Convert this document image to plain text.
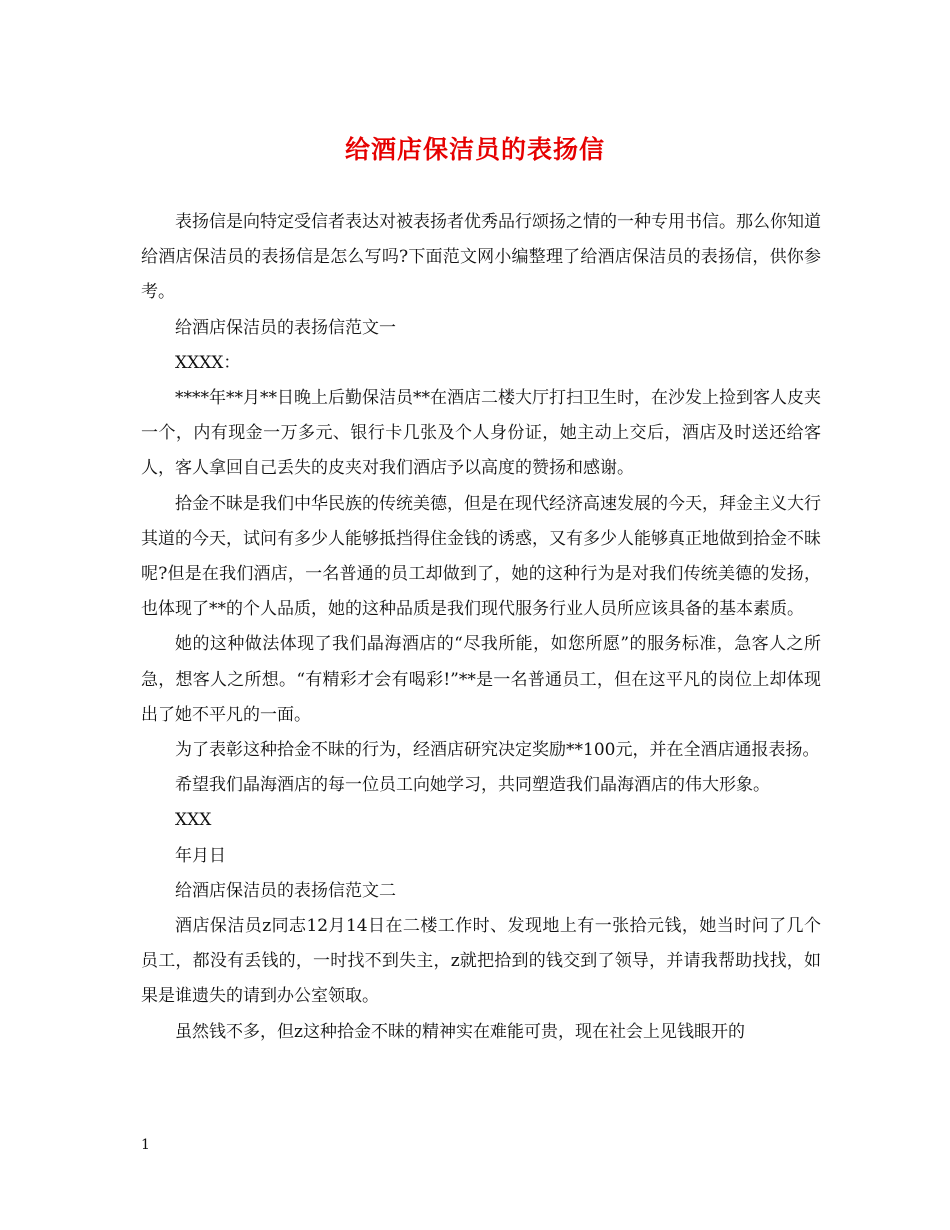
给酒店保洁员的表扬信

表扬信是向特定受信者表达对被表扬者优秀品行颂扬之情的一种专用书信。那么你知道给酒店保洁员的表扬信是怎么写吗?下面范文网小编整理了给酒店保洁员的表扬信，供你参考。

给酒店保洁员的表扬信范文一

XXXX：

****年**月**日晚上后勤保洁员**在酒店二楼大厅打扫卫生时，在沙发上捡到客人皮夹一个，内有现金一万多元、银行卡几张及个人身份证，她主动上交后，酒店及时送还给客人，客人拿回自己丢失的皮夹对我们酒店予以高度的赞扬和感谢。

拾金不昧是我们中华民族的传统美德，但是在现代经济高速发展的今天，拜金主义大行其道的今天，试问有多少人能够抵挡得住金钱的诱惑，又有多少人能够真正地做到拾金不昧呢?但是在我们酒店，一名普通的员工却做到了，她的这种行为是对我们传统美德的发扬，也体现了**的个人品质，她的这种品质是我们现代服务行业人员所应该具备的基本素质。

她的这种做法体现了我们晶海酒店的“尽我所能，如您所愿”的服务标准，急客人之所急，想客人之所想。“有精彩才会有喝彩!”**是一名普通员工，但在这平凡的岗位上却体现出了她不平凡的一面。

为了表彰这种拾金不昧的行为，经酒店研究决定奖励**100元，并在全酒店通报表扬。

希望我们晶海酒店的每一位员工向她学习，共同塑造我们晶海酒店的伟大形象。

XXX

年月日

给酒店保洁员的表扬信范文二

酒店保洁员z同志12月14日在二楼工作时、发现地上有一张拾元钱，她当时问了几个员工，都没有丢钱的，一时找不到失主，z就把拾到的钱交到了领导，并请我帮助找找，如果是谁遗失的请到办公室领取。

虽然钱不多，但z这种拾金不昧的精神实在难能可贵，现在社会上见钱眼开的

1
